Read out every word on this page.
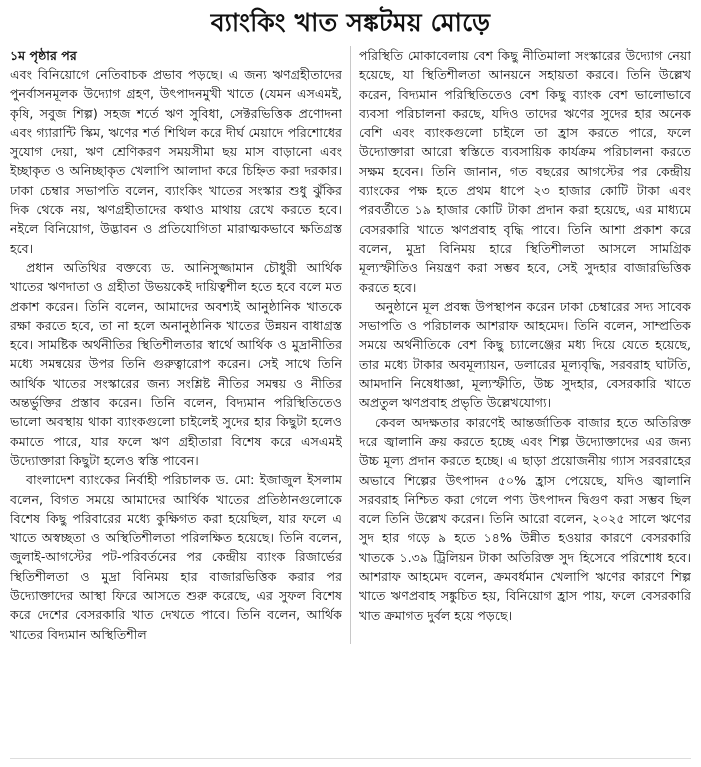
ব্যাংকিং খাত সঙ্কটময় মোড়ে

১ম পৃষ্ঠার পর

এবং বিনিয়োগে নেতিবাচক প্রভাব পড়ছে। এ জন্য ঋণগ্রহীতাদের পুনর্বাসনমূলক উদ্যোগ গ্রহণ, উৎপাদনমুখী খাতে (যেমন এসএমই, কৃষি, সবুজ শিল্প) সহজ শর্তে ঋণ সুবিধা, সেক্টরভিত্তিক প্রণোদনা এবং গ্যারান্টি স্কিম, ঋণের শর্ত শিথিল করে দীর্ঘ মেয়াদে পরিশোধের সুযোগ দেয়া, ঋণ শ্রেণিকরণ সময়সীমা ছয় মাস বাড়ানো এবং ইচ্ছাকৃত ও অনিচ্ছাকৃত খেলাপি আলাদা করে চিহ্নিত করা দরকার। ঢাকা চেম্বার সভাপতি বলেন, ব্যাংকিং খাতের সংস্কার শুধু ঝুঁকির দিক থেকে নয়, ঋণগ্রহীতাদের কথাও মাথায় রেখে করতে হবে। নইলে বিনিয়োগ, উদ্ভাবন ও প্রতিযোগিতা মারাত্মকভাবে ক্ষতিগ্রস্ত হবে।

প্রধান অতিথির বক্তব্যে ড. আনিসুজ্জামান চৌধুরী আর্থিক খাতের ঋণদাতা ও গ্রহীতা উভয়কেই দায়িত্বশীল হতে হবে বলে মত প্রকাশ করেন। তিনি বলেন, আমাদের অবশ্যই আনুষ্ঠানিক খাতকে রক্ষা করতে হবে, তা না হলে অনানুষ্ঠানিক খাতের উন্নয়ন বাধাগ্রস্ত হবে। সামষ্টিক অর্থনীতির স্থিতিশীলতার স্বার্থে আর্থিক ও মুদ্রানীতির মধ্যে সমন্বয়ের উপর তিনি গুরুত্বারোপ করেন। সেই সাথে তিনি আর্থিক খাতের সংস্কারের জন্য সংশ্লিষ্ট নীতির সমন্বয় ও নীতির অন্তর্ভুক্তির প্রস্তাব করেন। তিনি বলেন, বিদ্যমান পরিস্থিতিতেও ভালো অবস্থায় থাকা ব্যাংকগুলো চাইলেই সুদের হার কিছুটা হলেও কমাতে পারে, যার ফলে ঋণ গ্রহীতারা বিশেষ করে এসএমই উদ্যোক্তারা কিছুটা হলেও স্বস্তি পাবেন।

বাংলাদেশ ব্যাংকের নির্বাহী পরিচালক ড. মো: ইজাজুল ইসলাম বলেন, বিগত সময়ে আমাদের আর্থিক খাতের প্রতিষ্ঠানগুলোকে বিশেষ কিছু পরিবারের মধ্যে কুক্ষিগত করা হয়েছিল, যার ফলে এ খাতে অস্বচ্ছতা ও অস্থিতিশীলতা পরিলক্ষিত হয়েছে। তিনি বলেন, জুলাই-আগস্টের পট-পরিবর্তনের পর কেন্দ্রীয় ব্যাংক রিজার্ভের স্থিতিশীলতা ও মুদ্রা বিনিময় হার বাজারভিত্তিক করার পর উদ্যোক্তাদের আস্থা ফিরে আসতে শুরু করেছে, এর সুফল বিশেষ করে দেশের বেসরকারি খাত দেখতে পাবে। তিনি বলেন, আর্থিক খাতের বিদ্যমান অস্থিতিশীল

পরিস্থিতি মোকাবেলায় বেশ কিছু নীতিমালা সংস্কারের উদ্যোগ নেয়া হয়েছে, যা স্থিতিশীলতা আনয়নে সহায়তা করবে। তিনি উল্লেখ করেন, বিদ্যমান পরিস্থিতিতেও বেশ কিছু ব্যাংক বেশ ভালোভাবে ব্যবসা পরিচালনা করছে, যদিও তাদের ঋণের সুদের হার অনেক বেশি এবং ব্যাংকগুলো চাইলে তা হ্রাস করতে পারে, ফলে উদ্যোক্তারা আরো স্বস্তিতে ব্যবসায়িক কার্যক্রম পরিচালনা করতে সক্ষম হবেন। তিনি জানান, গত বছরের আগস্টের পর কেন্দ্রীয় ব্যাংকের পক্ষ হতে প্রথম ধাপে ২৩ হাজার কোটি টাকা এবং পরবর্তীতে ১৯ হাজার কোটি টাকা প্রদান করা হয়েছে, এর মাধ্যমে বেসরকারি খাতে ঋণপ্রবাহ বৃদ্ধি পাবে। তিনি আশা প্রকাশ করে বলেন, মুদ্রা বিনিময় হারে স্থিতিশীলতা আসলে সামগ্রিক মূল্যস্ফীতিও নিয়ন্ত্রণ করা সম্ভব হবে, সেই সুদহার বাজারভিত্তিক করতে হবে।

অনুষ্ঠানে মূল প্রবন্ধ উপস্থাপন করেন ঢাকা চেম্বারের সদ্য সাবেক সভাপতি ও পরিচালক আশরাফ আহমেদ। তিনি বলেন, সাম্প্রতিক সময়ে অর্থনীতিকে বেশ কিছু চ্যালেঞ্জের মধ্য দিয়ে যেতে হয়েছে, তার মধ্যে টাকার অবমূল্যায়ন, ডলারের মূল্যবৃদ্ধি, সরবরাহ ঘাটতি, আমদানি নিষেধাজ্ঞা, মূল্যস্ফীতি, উচ্চ সুদহার, বেসরকারি খাতে অপ্রতুল ঋণপ্রবাহ প্রভৃতি উল্লেখযোগ্য।

কেবল অদক্ষতার কারণেই আন্তর্জাতিক বাজার হতে অতিরিক্ত দরে জ্বালানি ক্রয় করতে হচ্ছে এবং শিল্প উদ্যোক্তাদের এর জন্য উচ্চ মূল্য প্রদান করতে হচ্ছে। এ ছাড়া প্রয়োজনীয় গ্যাস সরবরাহের অভাবে শিল্পের উৎপাদন ৫০% হ্রাস পেয়েছে, যদিও জ্বালানি সরবরাহ নিশ্চিত করা গেলে পণ্য উৎপাদন দ্বিগুণ করা সম্ভব ছিল বলে তিনি উল্লেখ করেন। তিনি আরো বলেন, ২০২৫ সালে ঋণের সুদ হার গড়ে ৯ হতে ১৪% উন্নীত হওয়ার কারণে বেসরকারি খাতকে ১.৩৯ ট্রিলিয়ন টাকা অতিরিক্ত সুদ হিসেবে পরিশোধ হবে। আশরাফ আহমেদ বলেন, ক্রমবর্ধমান খেলাপি ঋণের কারণে শিল্প খাতে ঋণপ্রবাহ সঙ্কুচিত হয়, বিনিয়োগ হ্রাস পায়, ফলে বেসরকারি খাত ক্রমাগত দুর্বল হয়ে পড়ছে।
